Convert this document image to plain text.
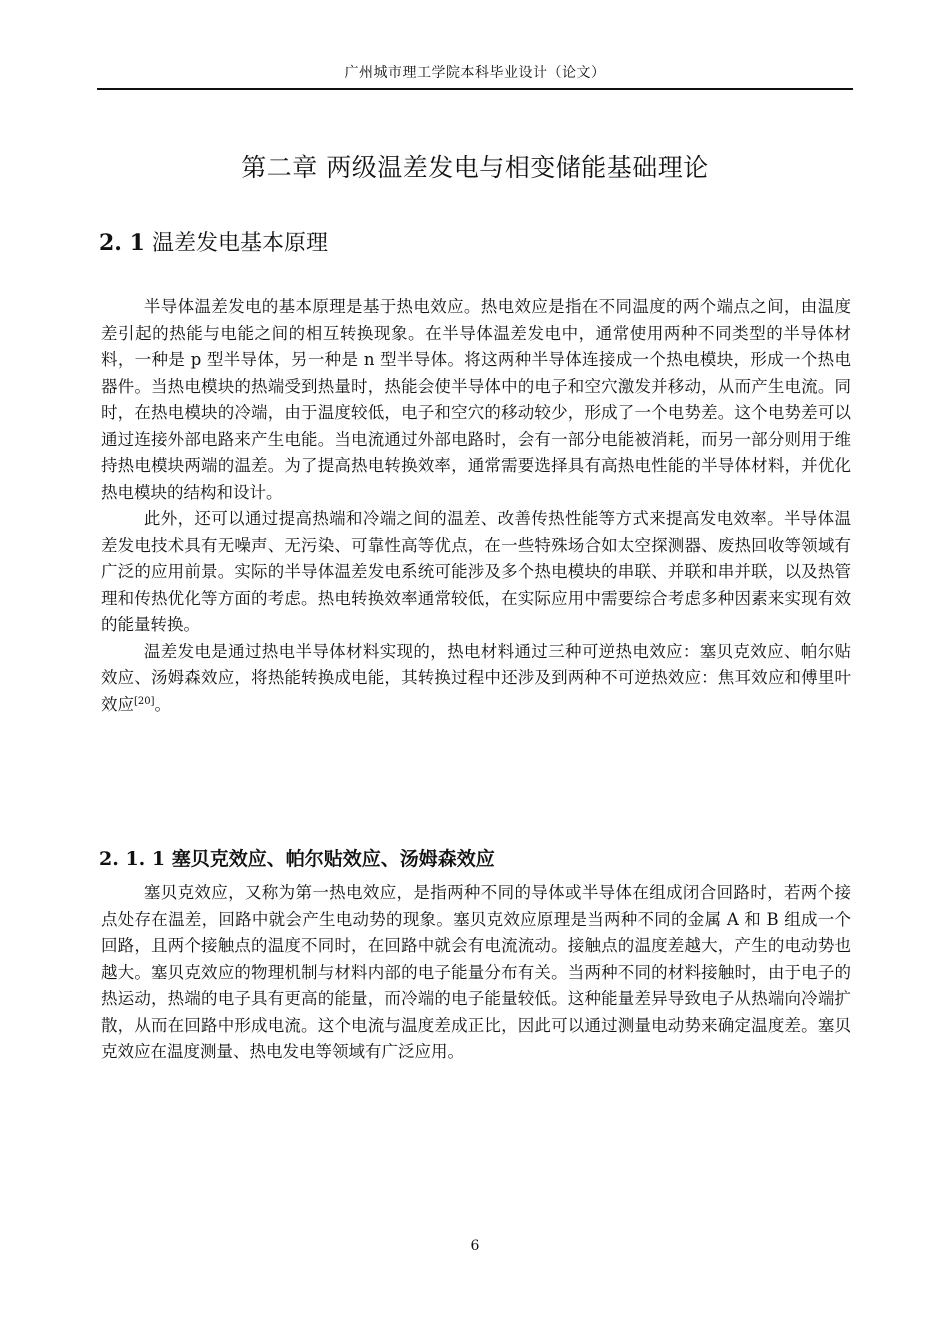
广州城市理工学院本科毕业设计（论文）
第二章 两级温差发电与相变储能基础理论
2. 1 温差发电基本原理

半导体温差发电的基本原理是基于热电效应。热电效应是指在不同温度的两个端点之间，由温度差引起的热能与电能之间的相互转换现象。在半导体温差发电中，通常使用两种不同类型的半导体材料，一种是 p 型半导体，另一种是 n 型半导体。将这两种半导体连接成一个热电模块，形成一个热电器件。当热电模块的热端受到热量时，热能会使半导体中的电子和空穴激发并移动，从而产生电流。同时，在热电模块的冷端，由于温度较低，电子和空穴的移动较少，形成了一个电势差。这个电势差可以通过连接外部电路来产生电能。当电流通过外部电路时，会有一部分电能被消耗，而另一部分则用于维持热电模块两端的温差。为了提高热电转换效率，通常需要选择具有高热电性能的半导体材料，并优化热电模块的结构和设计。

此外，还可以通过提高热端和冷端之间的温差、改善传热性能等方式来提高发电效率。半导体温差发电技术具有无噪声、无污染、可靠性高等优点，在一些特殊场合如太空探测器、废热回收等领域有广泛的应用前景。实际的半导体温差发电系统可能涉及多个热电模块的串联、并联和串并联，以及热管理和传热优化等方面的考虑。热电转换效率通常较低，在实际应用中需要综合考虑多种因素来实现有效的能量转换。

温差发电是通过热电半导体材料实现的，热电材料通过三种可逆热电效应：塞贝克效应、帕尔贴效应、汤姆森效应，将热能转换成电能，其转换过程中还涉及到两种不可逆热效应：焦耳效应和傅里叶效应[20]。

2. 1. 1 塞贝克效应、帕尔贴效应、汤姆森效应

塞贝克效应，又称为第一热电效应，是指两种不同的导体或半导体在组成闭合回路时，若两个接点处存在温差，回路中就会产生电动势的现象。塞贝克效应原理是当两种不同的金属 A 和 B 组成一个回路，且两个接触点的温度不同时，在回路中就会有电流流动。接触点的温度差越大，产生的电动势也越大。塞贝克效应的物理机制与材料内部的电子能量分布有关。当两种不同的材料接触时，由于电子的热运动，热端的电子具有更高的能量，而冷端的电子能量较低。这种能量差异导致电子从热端向冷端扩散，从而在回路中形成电流。这个电流与温度差成正比，因此可以通过测量电动势来确定温度差。塞贝克效应在温度测量、热电发电等领域有广泛应用。

6
